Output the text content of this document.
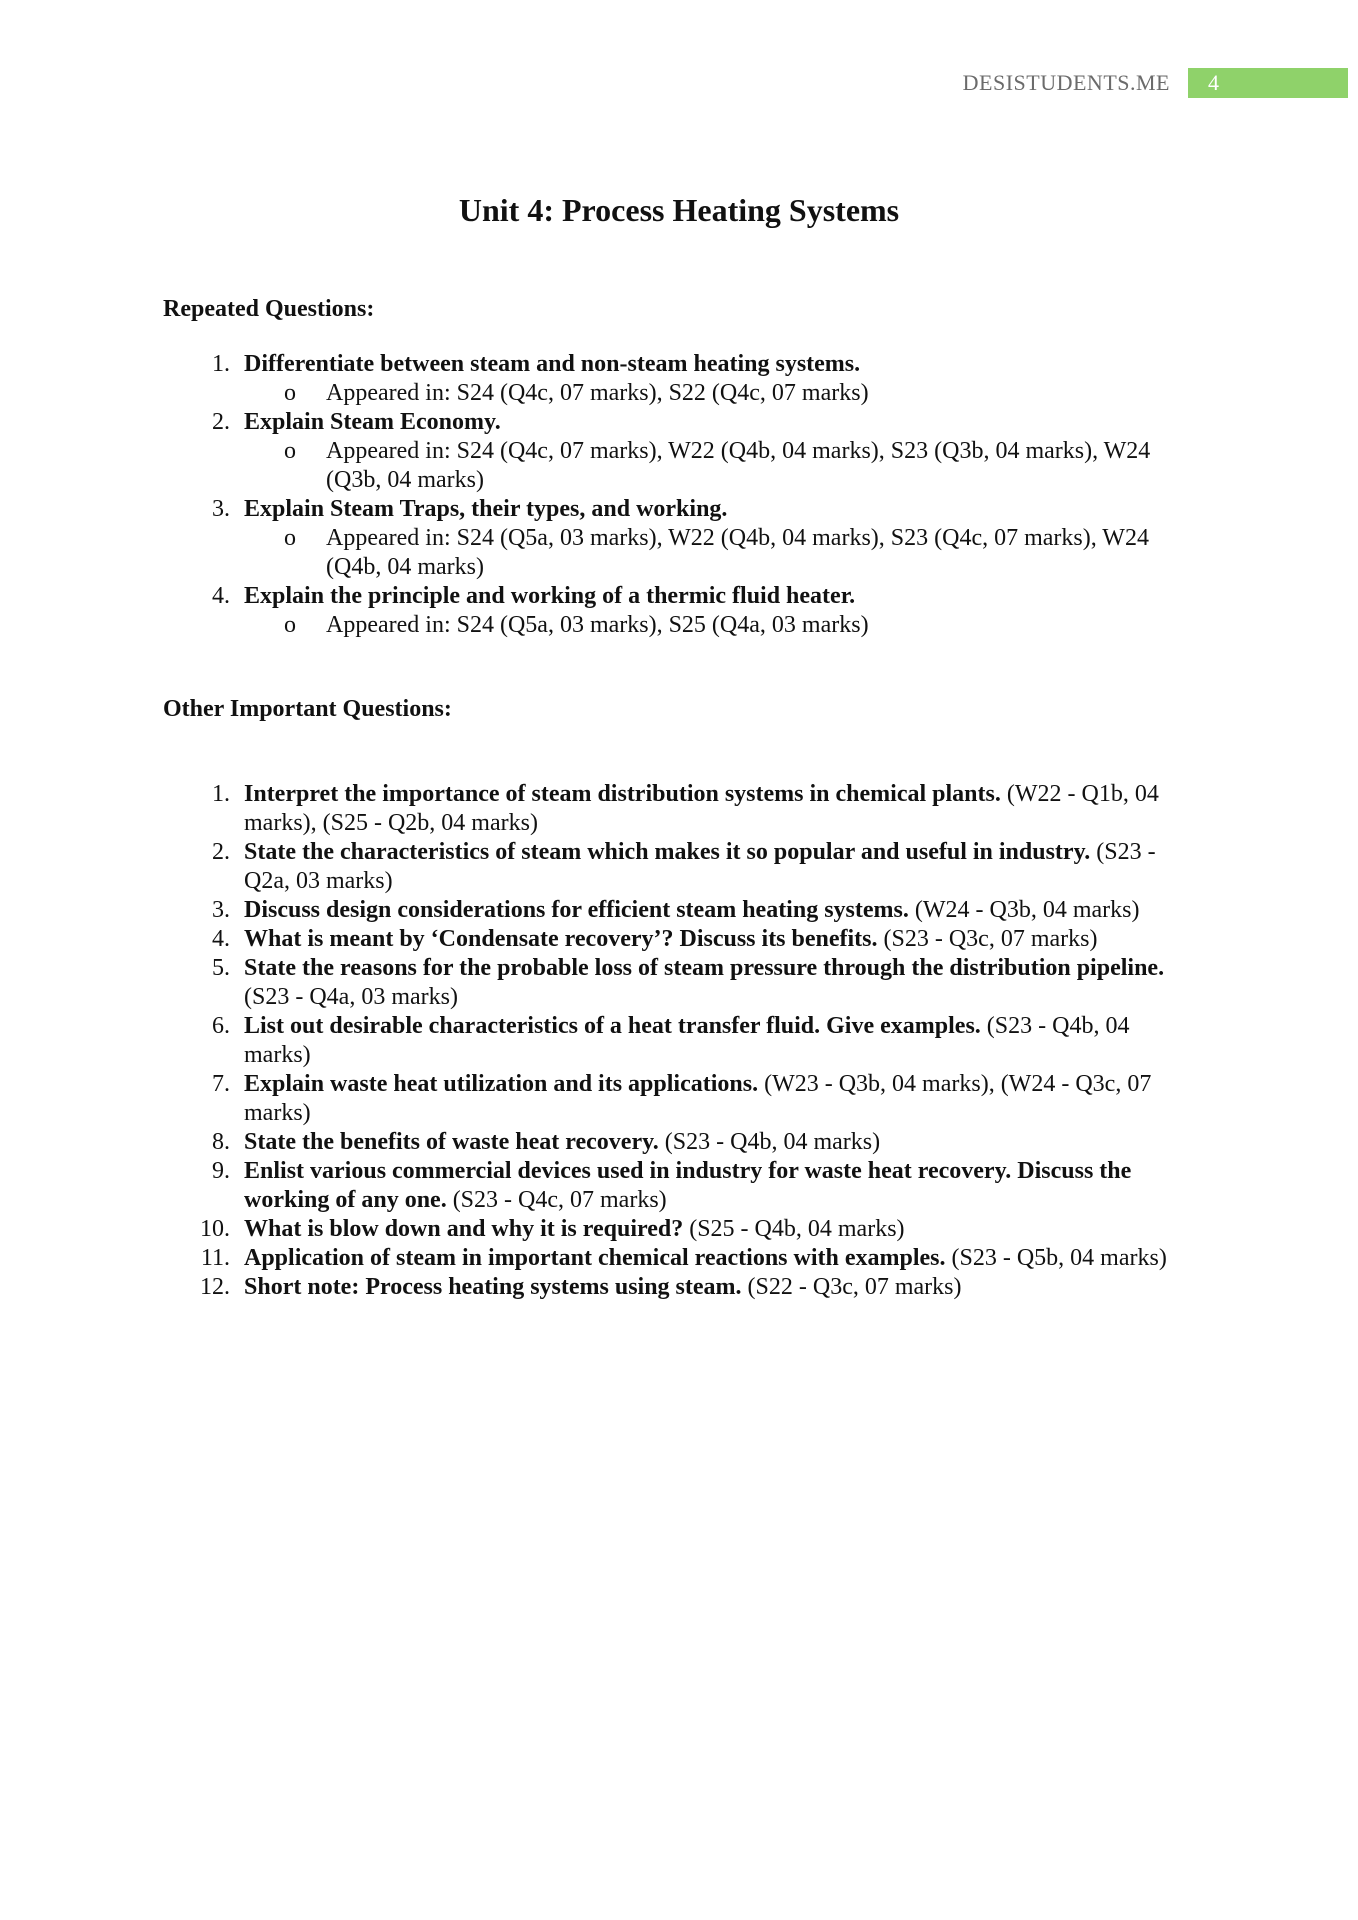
DESISTUDENTS.ME 4
Unit 4: Process Heating Systems
Repeated Questions:
1. Differentiate between steam and non-steam heating systems.
o Appeared in: S24 (Q4c, 07 marks), S22 (Q4c, 07 marks)
2. Explain Steam Economy.
o Appeared in: S24 (Q4c, 07 marks), W22 (Q4b, 04 marks), S23 (Q3b, 04 marks), W24 (Q3b, 04 marks)
3. Explain Steam Traps, their types, and working.
o Appeared in: S24 (Q5a, 03 marks), W22 (Q4b, 04 marks), S23 (Q4c, 07 marks), W24 (Q4b, 04 marks)
4. Explain the principle and working of a thermic fluid heater.
o Appeared in: S24 (Q5a, 03 marks), S25 (Q4a, 03 marks)
Other Important Questions:
1. Interpret the importance of steam distribution systems in chemical plants. (W22 - Q1b, 04 marks), (S25 - Q2b, 04 marks)
2. State the characteristics of steam which makes it so popular and useful in industry. (S23 - Q2a, 03 marks)
3. Discuss design considerations for efficient steam heating systems. (W24 - Q3b, 04 marks)
4. What is meant by ‘Condensate recovery’? Discuss its benefits. (S23 - Q3c, 07 marks)
5. State the reasons for the probable loss of steam pressure through the distribution pipeline. (S23 - Q4a, 03 marks)
6. List out desirable characteristics of a heat transfer fluid. Give examples. (S23 - Q4b, 04 marks)
7. Explain waste heat utilization and its applications. (W23 - Q3b, 04 marks), (W24 - Q3c, 07 marks)
8. State the benefits of waste heat recovery. (S23 - Q4b, 04 marks)
9. Enlist various commercial devices used in industry for waste heat recovery. Discuss the working of any one. (S23 - Q4c, 07 marks)
10. What is blow down and why it is required? (S25 - Q4b, 04 marks)
11. Application of steam in important chemical reactions with examples. (S23 - Q5b, 04 marks)
12. Short note: Process heating systems using steam. (S22 - Q3c, 07 marks)
